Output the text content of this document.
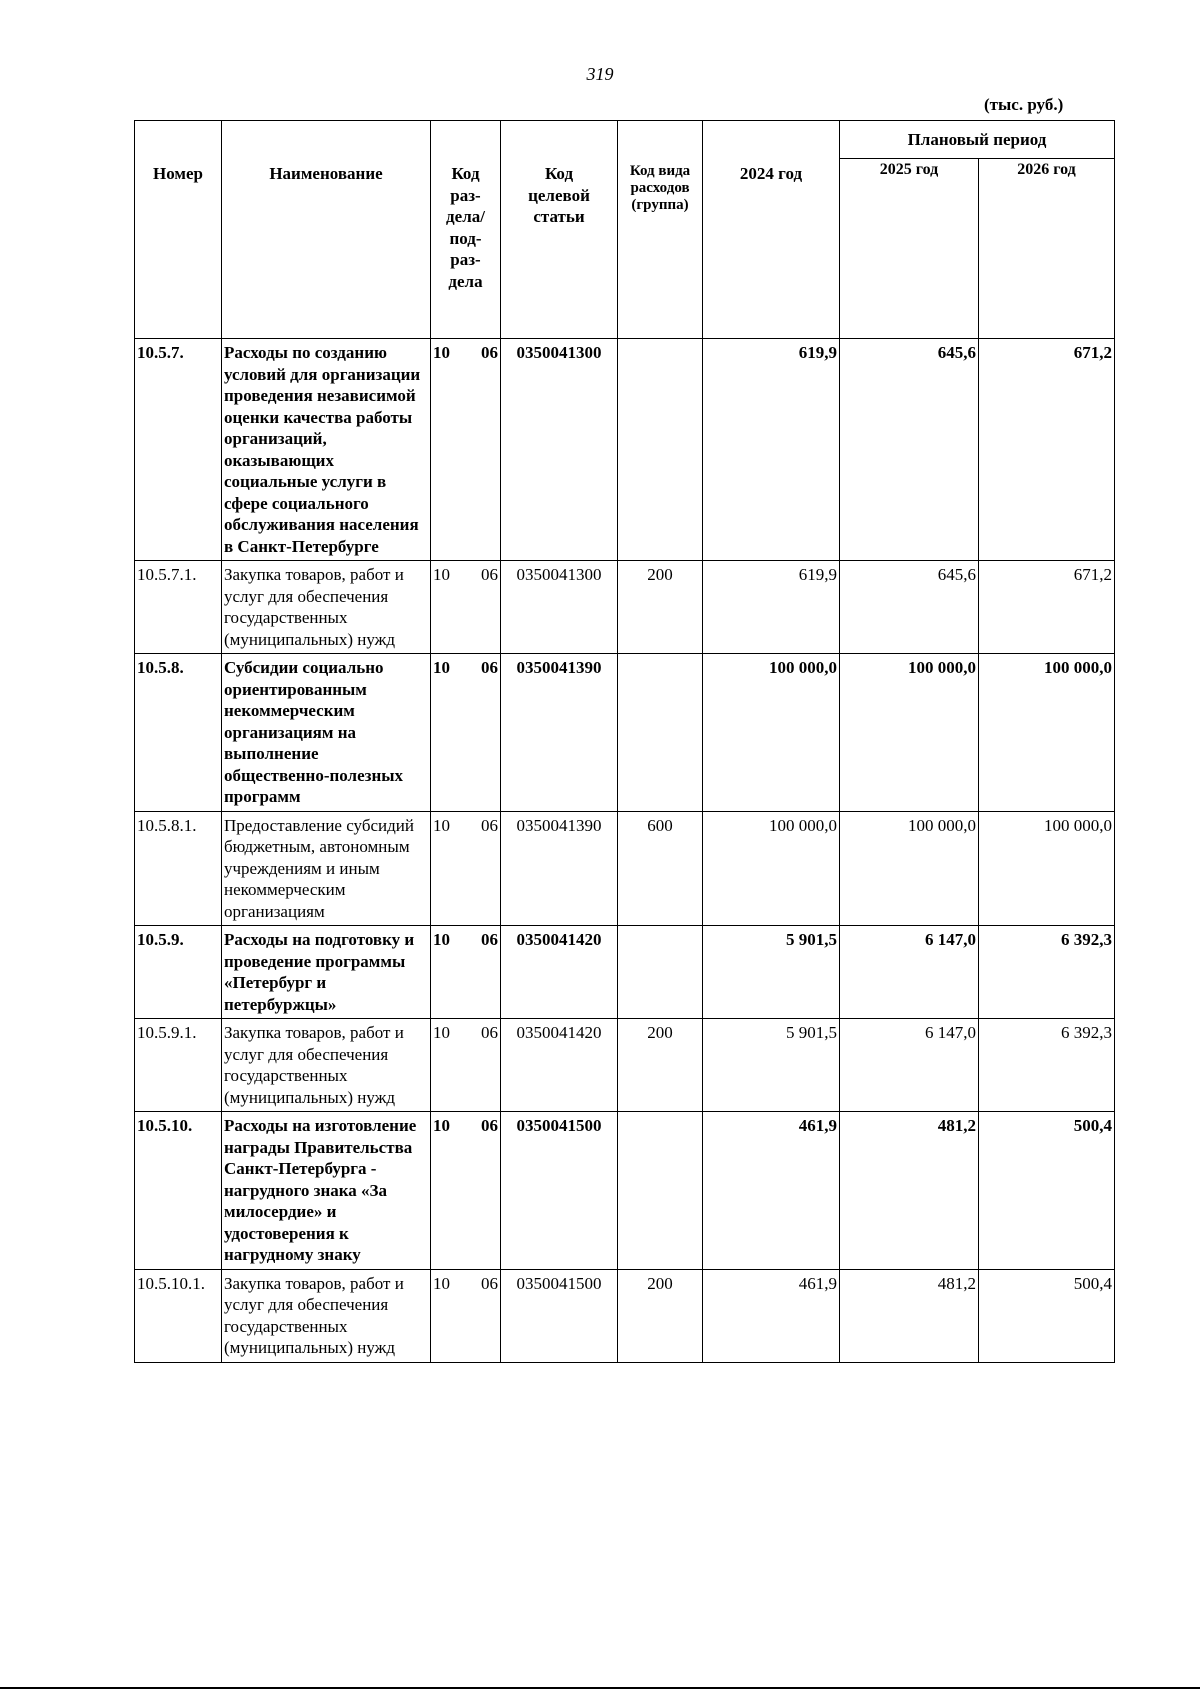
319
(тыс. руб.)
Номер	Наименование	Код раз- дела/ под- раз- дела	Код целевой статьи	Код вида расходов (группа)	2024 год	Плановый период	
						2025 год	2026 год
10.5.7.	Расходы по созданию условий для организации проведения независимой оценки качества работы организаций, оказывающих социальные услуги в сфере социального обслуживания населения в Санкт-Петербурге	10 06	0350041300		619,9	645,6	671,2
10.5.7.1.	Закупка товаров, работ и услуг для обеспечения государственных (муниципальных) нужд	10 06	0350041300	200	619,9	645,6	671,2
10.5.8.	Субсидии социально ориентированным некоммерческим организациям на выполнение общественно-полезных программ	10 06	0350041390		100 000,0	100 000,0	100 000,0
10.5.8.1.	Предоставление субсидий бюджетным, автономным учреждениям и иным некоммерческим организациям	10 06	0350041390	600	100 000,0	100 000,0	100 000,0
10.5.9.	Расходы на подготовку и проведение программы «Петербург и петербуржцы»	10 06	0350041420		5 901,5	6 147,0	6 392,3
10.5.9.1.	Закупка товаров, работ и услуг для обеспечения государственных (муниципальных) нужд	10 06	0350041420	200	5 901,5	6 147,0	6 392,3
10.5.10.	Расходы на изготовление награды Правительства Санкт-Петербурга - нагрудного знака «За милосердие» и удостоверения к нагрудному знаку	10 06	0350041500		461,9	481,2	500,4
10.5.10.1.	Закупка товаров, работ и услуг для обеспечения государственных (муниципальных) нужд	10 06	0350041500	200	461,9	481,2	500,4
